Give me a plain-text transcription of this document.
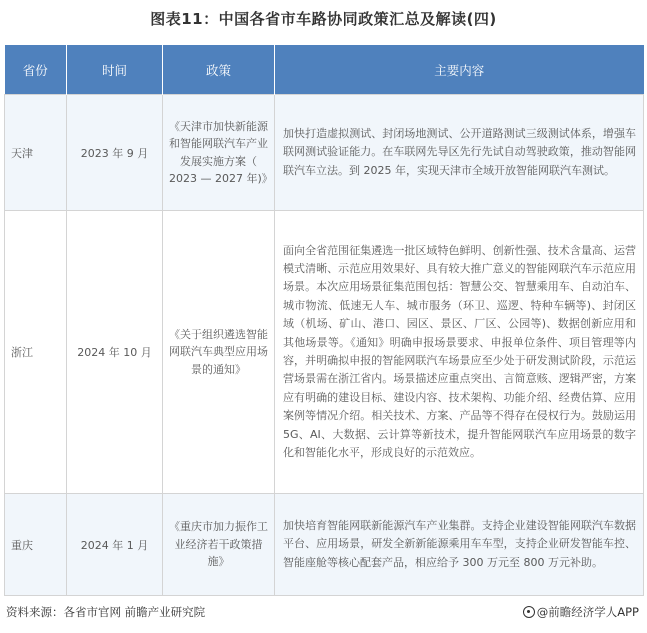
图表11：中国各省市车路协同政策汇总及解读(四)
省份	时间	政策	主要内容
天津	2023 年 9 月	《天津市加快新能源和智能网联汽车产业发展实施方案（ 2023 — 2027 年)》	加快打造虚拟测试、封闭场地测试、公开道路测试三级测试体系，增强车联网测试验证能力。在车联网先导区先行先试自动驾驶政策，推动智能网联汽车立法。到 2025 年，实现天津市全域开放智能网联汽车测试。
浙江	2024 年 10 月	《关于组织遴选智能网联汽车典型应用场景的通知》	面向全省范围征集遴选一批区域特色鲜明、创新性强、技术含量高、运营模式清晰、示范应用效果好、具有较大推广意义的智能网联汽车示范应用场景。本次应用场景征集范围包括：智慧公交、智慧乘用车、自动泊车、城市物流、低速无人车、城市服务（环卫、巡逻、特种车辆等)、封闭区域（机场、矿山、港口、园区、景区、厂区、公园等)、数据创新应用和其他场景等。《通知》明确申报场景要求、申报单位条件、项目管理等内容，并明确拟申报的智能网联汽车场景应至少处于研发测试阶段，示范运营场景需在浙江省内。场景描述应重点突出、言简意赅、逻辑严密，方案应有明确的建设目标、建设内容、技术架构、功能介绍、经费估算、应用案例等情况介绍。相关技术、方案、产品等不得存在侵权行为。鼓励运用 5G、AI、大数据、云计算等新技术，提升智能网联汽车应用场景的数字化和智能化水平，形成良好的示范效应。
重庆	2024 年 1 月	《重庆市加力振作工业经济若干政策措施》	加快培育智能网联新能源汽车产业集群。支持企业建设智能网联汽车数据平台、应用场景，研发全新新能源乘用车车型，支持企业研发智能车控、智能座舱等核心配套产品，相应给予 300 万元至 800 万元补助。
资料来源：各省市官网 前瞻产业研究院	@前瞻经济学人APP
